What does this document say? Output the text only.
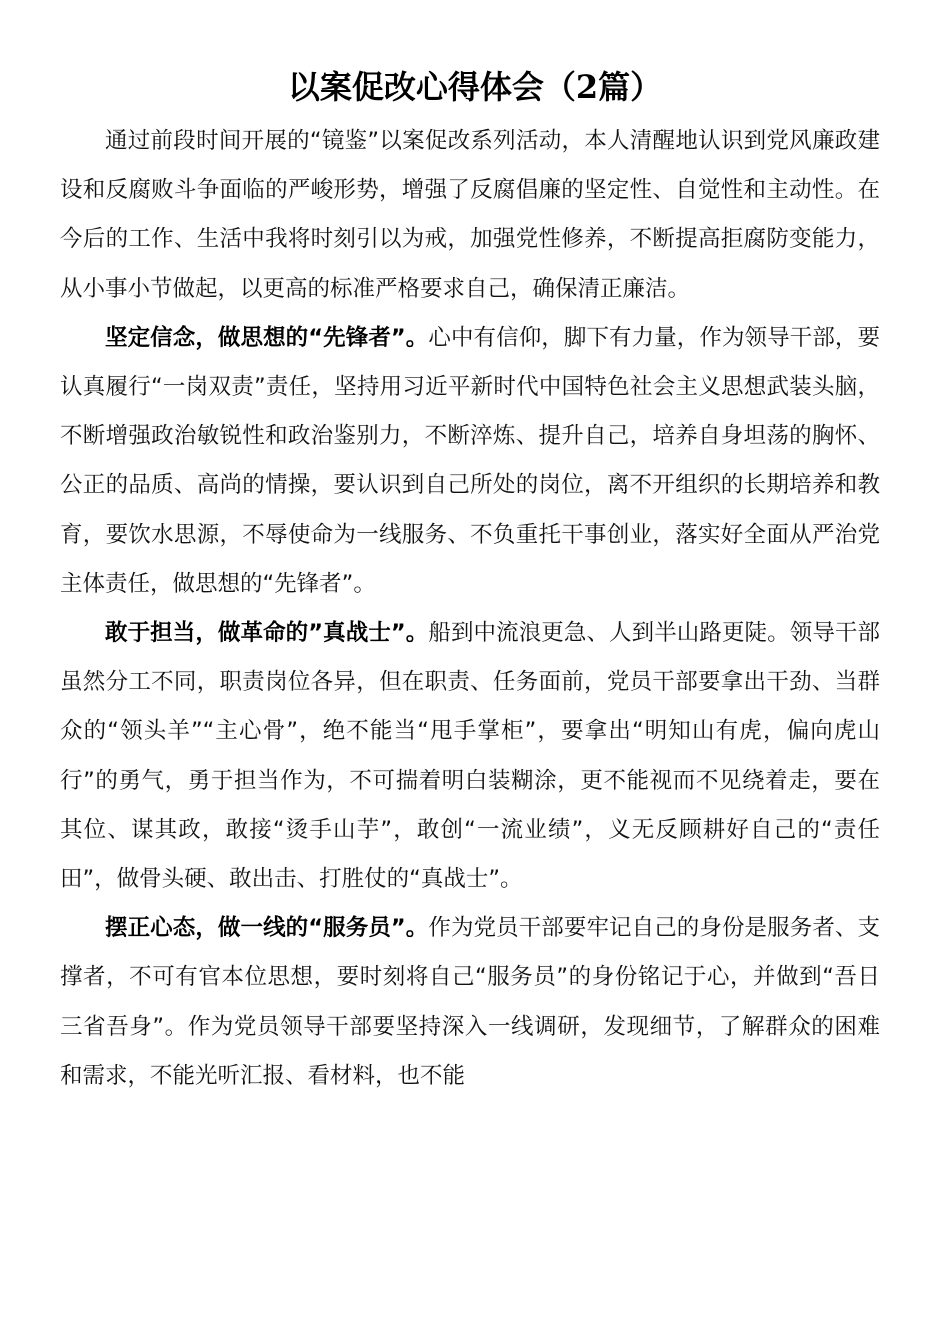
以案促改心得体会（2篇）

通过前段时间开展的“镜鉴”以案促改系列活动，本人清醒地认识到党风廉政建设和反腐败斗争面临的严峻形势，增强了反腐倡廉的坚定性、自觉性和主动性。在今后的工作、生活中我将时刻引以为戒，加强党性修养，不断提高拒腐防变能力，从小事小节做起，以更高的标准严格要求自己，确保清正廉洁。

坚定信念，做思想的“先锋者”。心中有信仰，脚下有力量，作为领导干部，要认真履行“一岗双责”责任，坚持用习近平新时代中国特色社会主义思想武装头脑，不断增强政治敏锐性和政治鉴别力，不断淬炼、提升自己，培养自身坦荡的胸怀、公正的品质、高尚的情操，要认识到自己所处的岗位，离不开组织的长期培养和教育，要饮水思源，不辱使命为一线服务、不负重托干事创业，落实好全面从严治党主体责任，做思想的“先锋者”。

敢于担当，做革命的”真战士”。船到中流浪更急、人到半山路更陡。领导干部虽然分工不同，职责岗位各异，但在职责、任务面前，党员干部要拿出干劲、当群众的“领头羊”“主心骨”，绝不能当“甩手掌柜”，要拿出“明知山有虎，偏向虎山行”的勇气，勇于担当作为，不可揣着明白装糊涂，更不能视而不见绕着走，要在其位、谋其政，敢接“烫手山芋”，敢创“一流业绩”，义无反顾耕好自己的“责任田”，做骨头硬、敢出击、打胜仗的“真战士”。

摆正心态，做一线的“服务员”。作为党员干部要牢记自己的身份是服务者、支撑者，不可有官本位思想，要时刻将自己“服务员”的身份铭记于心，并做到“吾日三省吾身”。作为党员领导干部要坚持深入一线调研，发现细节，了解群众的困难和需求，不能光听汇报、看材料，也不能
